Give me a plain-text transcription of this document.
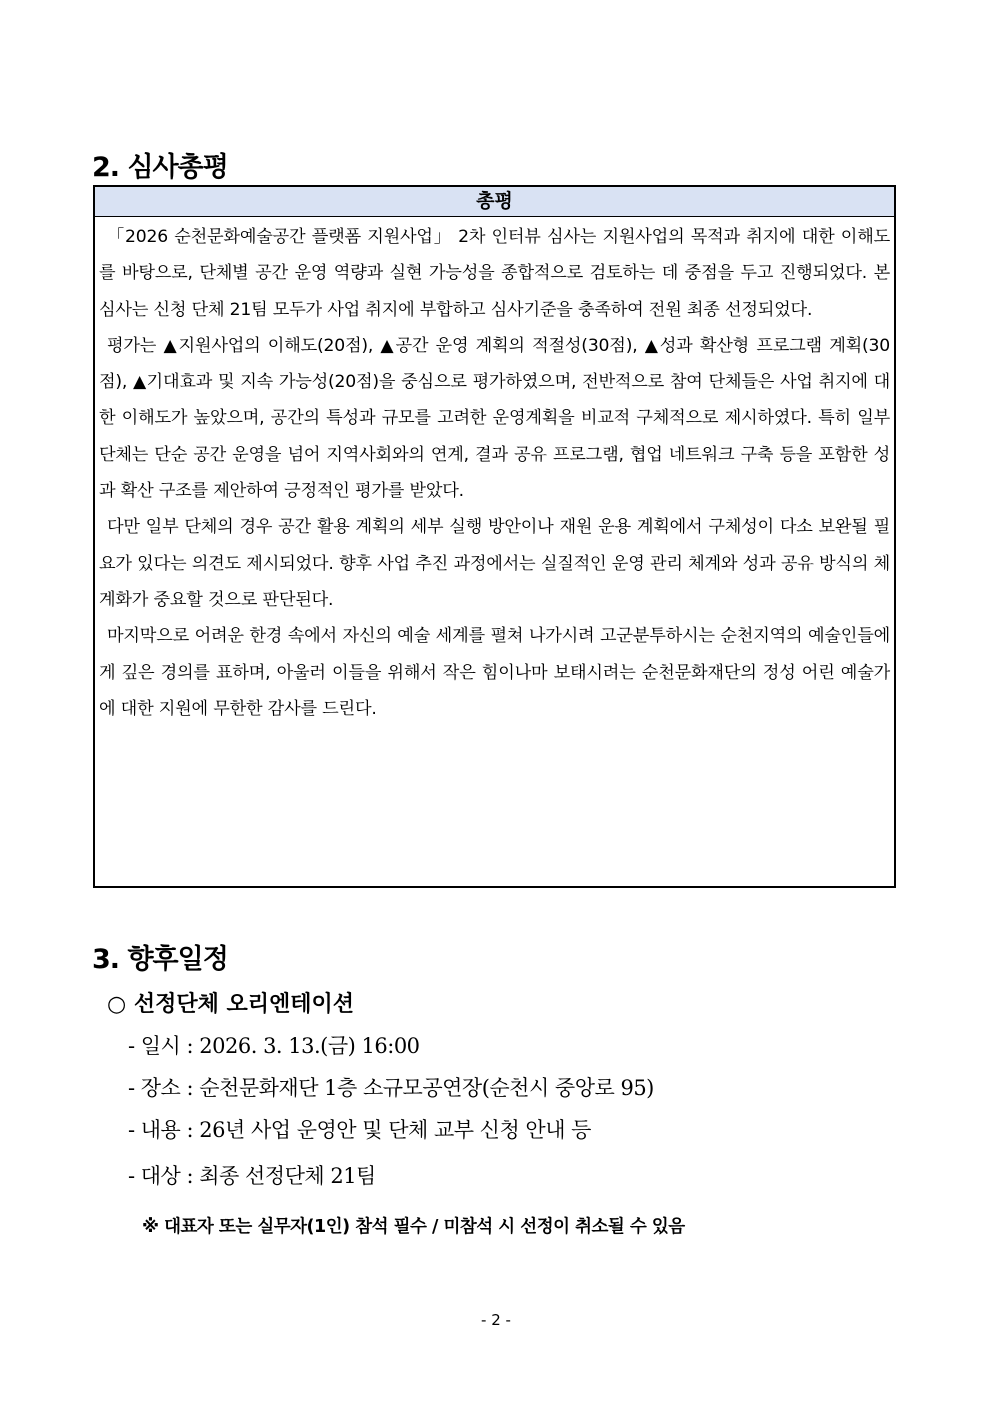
2. 심사총평
총평

「2026 순천문화예술공간 플랫폼 지원사업」 2차 인터뷰 심사는 지원사업의 목적과 취지에 대한 이해도를 바탕으로, 단체별 공간 운영 역량과 실현 가능성을 종합적으로 검토하는 데 중점을 두고 진행되었다. 본 심사는 신청 단체 21팀 모두가 사업 취지에 부합하고 심사기준을 충족하여 전원 최종 선정되었다.

평가는 ▲지원사업의 이해도(20점), ▲공간 운영 계획의 적절성(30점), ▲성과 확산형 프로그램 계획(30점), ▲기대효과 및 지속 가능성(20점)을 중심으로 평가하였으며, 전반적으로 참여 단체들은 사업 취지에 대한 이해도가 높았으며, 공간의 특성과 규모를 고려한 운영계획을 비교적 구체적으로 제시하였다. 특히 일부 단체는 단순 공간 운영을 넘어 지역사회와의 연계, 결과 공유 프로그램, 협업 네트워크 구축 등을 포함한 성과 확산 구조를 제안하여 긍정적인 평가를 받았다.

다만 일부 단체의 경우 공간 활용 계획의 세부 실행 방안이나 재원 운용 계획에서 구체성이 다소 보완될 필요가 있다는 의견도 제시되었다. 향후 사업 추진 과정에서는 실질적인 운영 관리 체계와 성과 공유 방식의 체계화가 중요할 것으로 판단된다.

마지막으로 어려운 한경 속에서 자신의 예술 세계를 펼쳐 나가시려 고군분투하시는 순천지역의 예술인들에게 깊은 경의를 표하며, 아울러 이들을 위해서 작은 힘이나마 보태시려는 순천문화재단의 정성 어린 예술가에 대한 지원에 무한한 감사를 드린다.

3. 향후일정
○ 선정단체 오리엔테이션
- 일시 : 2026. 3. 13.(금) 16:00
- 장소 : 순천문화재단 1층 소규모공연장(순천시 중앙로 95)
- 내용 : 26년 사업 운영안 및 단체 교부 신청 안내 등
- 대상 : 최종 선정단체 21팀
※ 대표자 또는 실무자(1인) 참석 필수 / 미참석 시 선정이 취소될 수 있음
- 2 -
